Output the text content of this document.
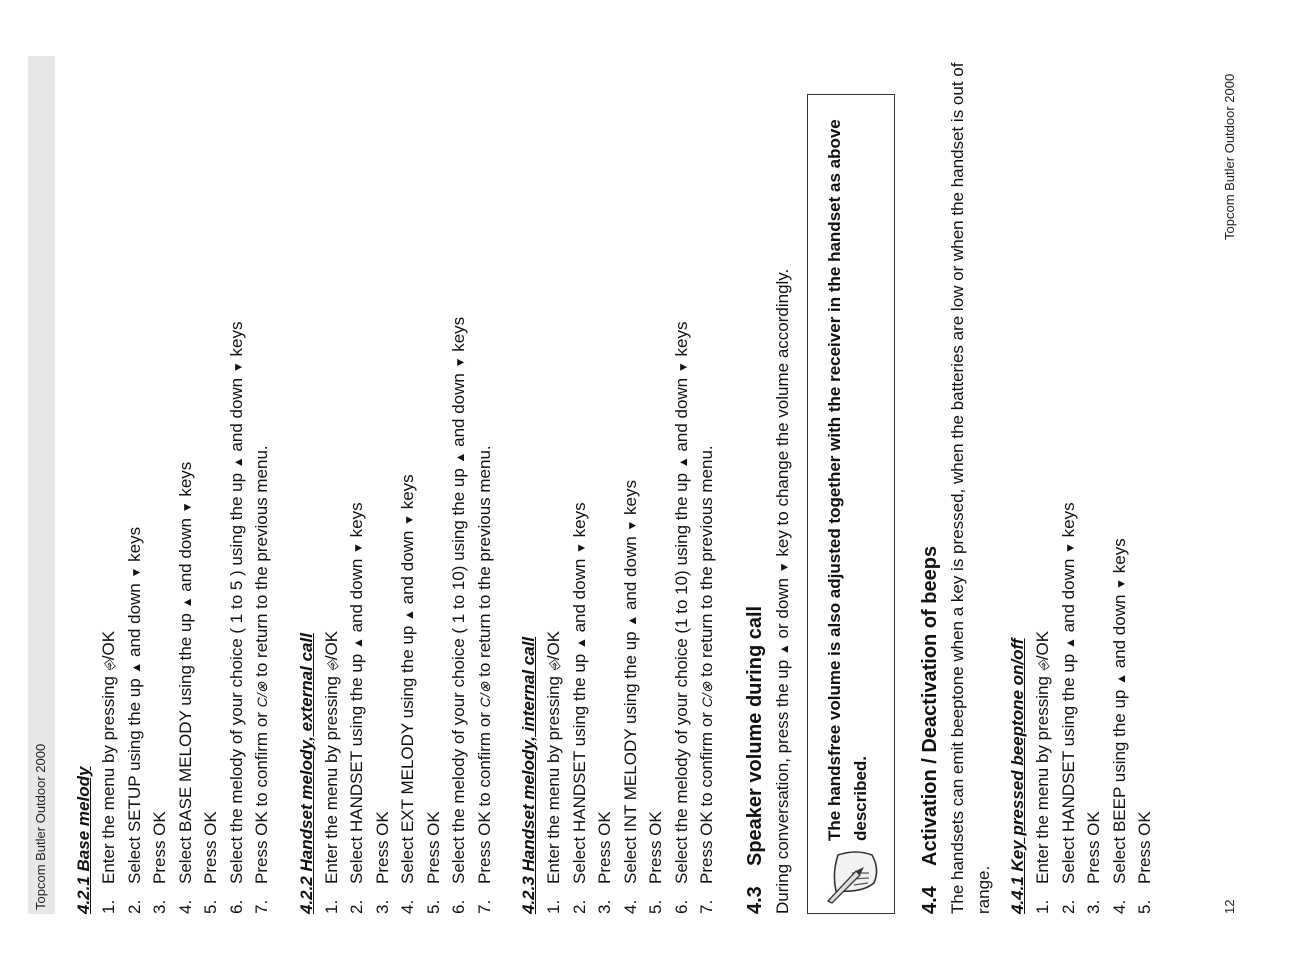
Topcom Butler Outdoor 2000 4.2.1 Base melody 1.
Enter the menu by pressing ⎆/OK
2.
Select SETUP using the up ▲ and down ▼ keys
3.
Press OK
4.
Select BASE MELODY using the up ▲ and down ▼ keys
5.
Press OK
6.
Select the melody of your choice ( 1 to 5 ) using the up ▲ and down ▼ keys
7.
Press OK to confirm or C/⊗ to return to the previous menu.
4.2.2 Handset melody, external call 1.
Enter the menu by pressing ⎆/OK
2.
Select HANDSET using the up ▲ and down ▼ keys
3.
Press OK
4.
Select EXT MELODY using the up ▲ and down ▼ keys
5.
Press OK
6.
Select the melody of your choice ( 1 to 10) using the up ▲ and down ▼ keys
7.
Press OK to confirm or C/⊗ to return to the previous menu.
4.2.3 Handset melody, internal call 1.
Enter the menu by pressing ⎆/OK
2.
Select HANDSET using the up ▲ and down ▼ keys
3.
Press OK
4.
Select INT MELODY using the up ▲ and down ▼ keys
5.
Press OK
6.
Select the melody of your choice (1 to 10) using the up ▲ and down ▼ keys
7.
Press OK to confirm or C/⊗ to return to the previous menu.
4.3
Speaker volume during call During conversation, press the up ▲ or down ▼ key to change the volume accordingly.	The handsfree volume is also adjusted together with the receiver in the handset as above described.
4.4
Activation / Deactivation of beeps The handsets can emit beeptone when a key is pressed, when the batteries are low or when the handset is out of range. 4.4.1 Key pressed beeptone on/off 1.
Enter the menu by pressing ⎆/OK
2.
Select HANDSET using the up ▲ and down ▼ keys
3.
Press OK
4.
Select BEEP using the up ▲ and down ▼ keys
5.
Press OK
12
Topcom Butler Outdoor 2000
